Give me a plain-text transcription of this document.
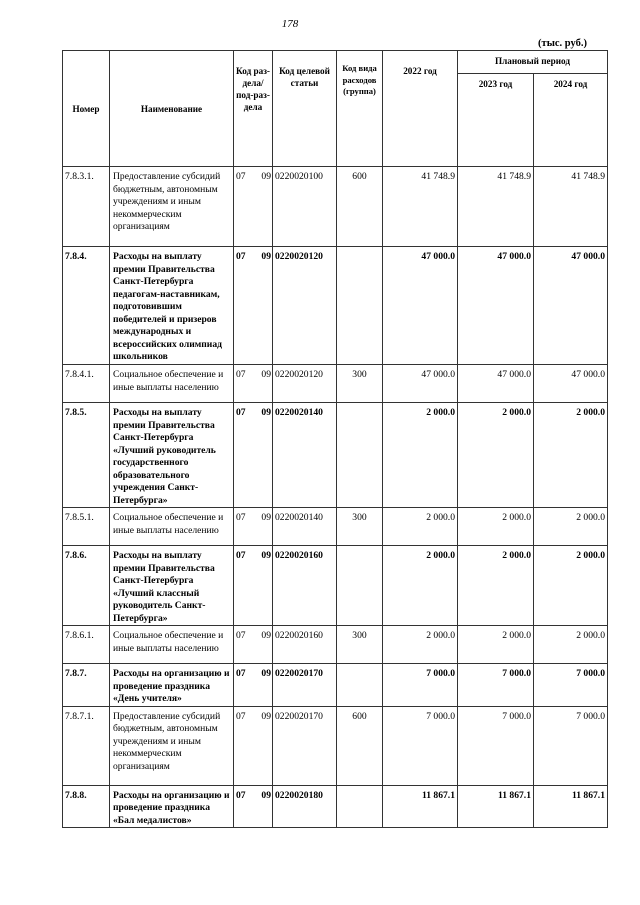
178
(тыс. руб.)
Номер	Наименование	Код раз-дела/ под-раз-дела	Код целевой статьи	Код вида расходов (группа)	2022 год	Плановый период	
						2023 год	2024 год
7.8.3.1.	Предоставление субсидий бюджетным, автономным учреждениям и иным некоммерческим организациям	07 09	0220020100	600	41 748.9	41 748.9	41 748.9
7.8.4.	Расходы на выплату премии Правительства Санкт-Петербурга педагогам-наставникам, подготовившим победителей и призеров международных и всероссийских олимпиад школьников	07 09	0220020120		47 000.0	47 000.0	47 000.0
7.8.4.1.	Социальное обеспечение и иные выплаты населению	07 09	0220020120	300	47 000.0	47 000.0	47 000.0
7.8.5.	Расходы на выплату премии Правительства Санкт-Петербурга «Лучший руководитель государственного образовательного учреждения Санкт-Петербурга»	07 09	0220020140		2 000.0	2 000.0	2 000.0
7.8.5.1.	Социальное обеспечение и иные выплаты населению	07 09	0220020140	300	2 000.0	2 000.0	2 000.0
7.8.6.	Расходы на выплату премии Правительства Санкт-Петербурга «Лучший классный руководитель Санкт-Петербурга»	07 09	0220020160		2 000.0	2 000.0	2 000.0
7.8.6.1.	Социальное обеспечение и иные выплаты населению	07 09	0220020160	300	2 000.0	2 000.0	2 000.0
7.8.7.	Расходы на организацию и проведение праздника «День учителя»	07 09	0220020170		7 000.0	7 000.0	7 000.0
7.8.7.1.	Предоставление субсидий бюджетным, автономным учреждениям и иным некоммерческим организациям	07 09	0220020170	600	7 000.0	7 000.0	7 000.0
7.8.8.	Расходы на организацию и проведение праздника «Бал медалистов»	07 09	0220020180		11 867.1	11 867.1	11 867.1
